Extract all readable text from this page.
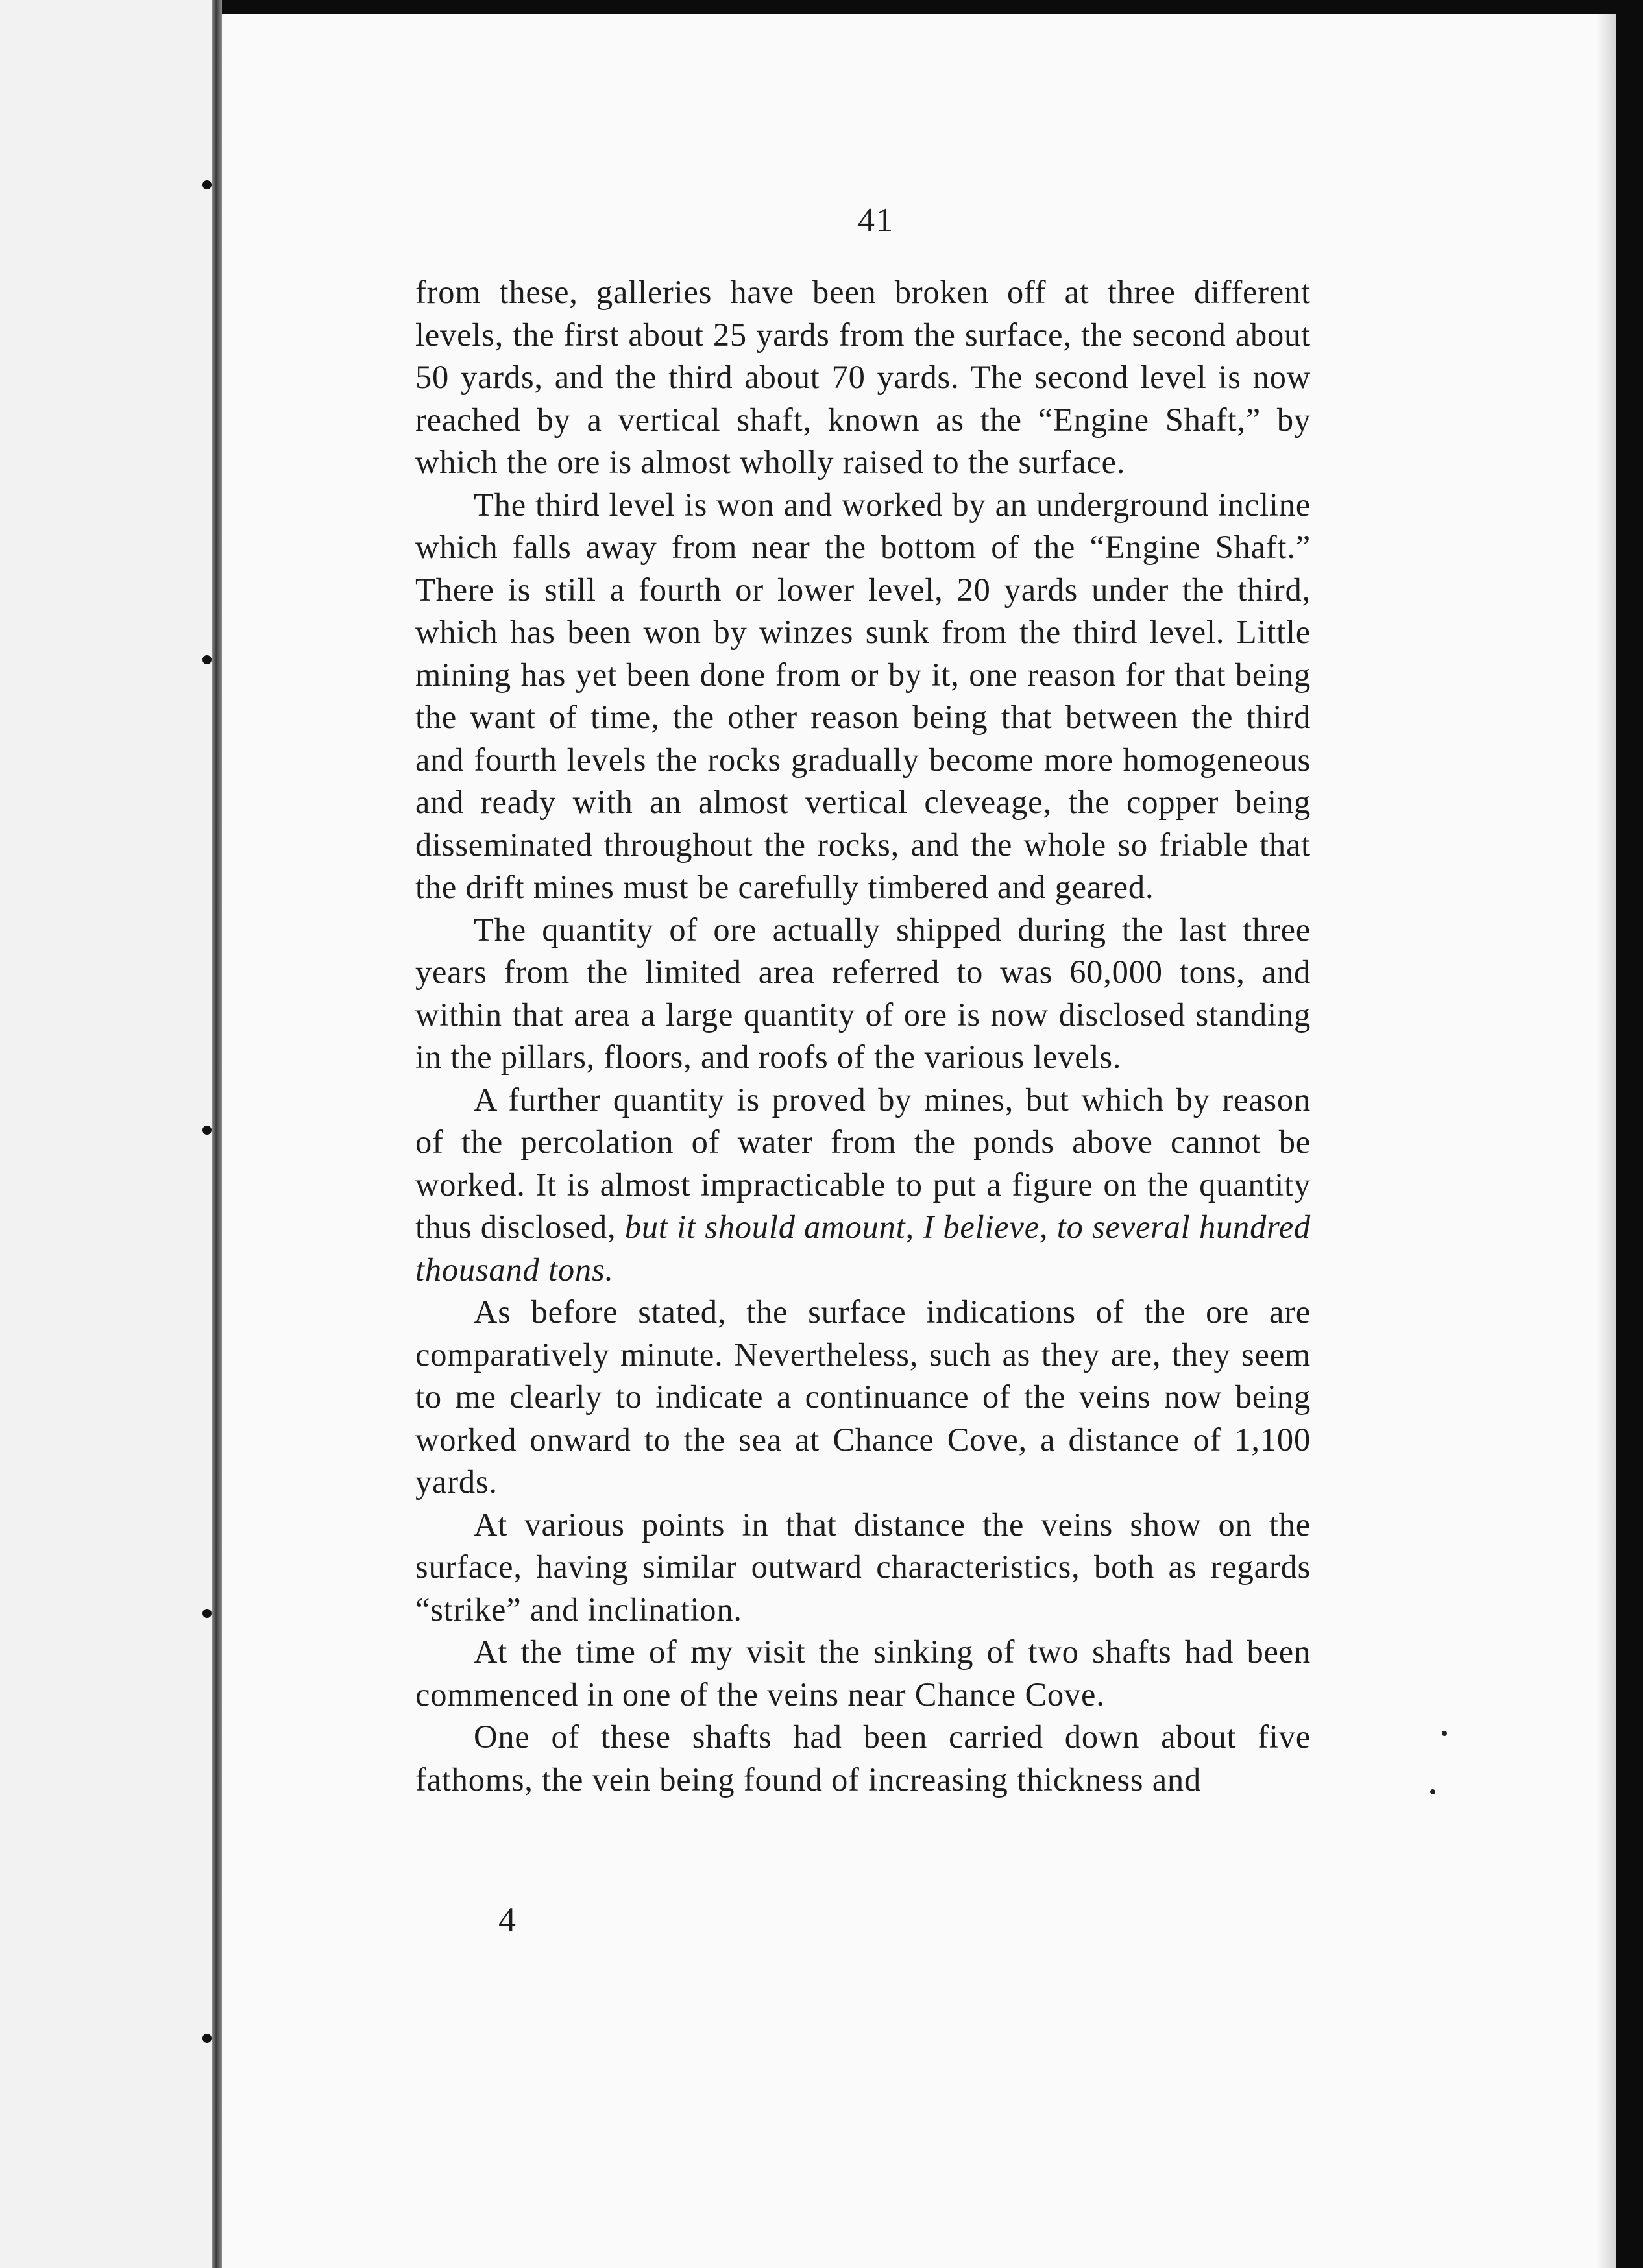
41

from these, galleries have been broken off at three different levels, the first about 25 yards from the surface, the second about 50 yards, and the third about 70 yards. The second level is now reached by a vertical shaft, known as the “Engine Shaft,” by which the ore is almost wholly raised to the surface.

The third level is won and worked by an underground incline which falls away from near the bottom of the “Engine Shaft.” There is still a fourth or lower level, 20 yards under the third, which has been won by winzes sunk from the third level. Little mining has yet been done from or by it, one reason for that being the want of time, the other reason being that between the third and fourth levels the rocks gradually become more homogeneous and ready with an almost vertical cleveage, the copper being disseminated throughout the rocks, and the whole so friable that the drift mines must be carefully timbered and geared.

The quantity of ore actually shipped during the last three years from the limited area referred to was 60,000 tons, and within that area a large quantity of ore is now disclosed standing in the pillars, floors, and roofs of the various levels.

A further quantity is proved by mines, but which by reason of the percolation of water from the ponds above cannot be worked. It is almost impracticable to put a figure on the quantity thus disclosed, but it should amount, I believe, to several hundred thousand tons.

As before stated, the surface indications of the ore are comparatively minute. Nevertheless, such as they are, they seem to me clearly to indicate a continuance of the veins now being worked onward to the sea at Chance Cove, a distance of 1,100 yards.

At various points in that distance the veins show on the surface, having similar outward characteristics, both as regards “strike” and inclination.

At the time of my visit the sinking of two shafts had been commenced in one of the veins near Chance Cove.

One of these shafts had been carried down about five fathoms, the vein being found of increasing thickness and

4
